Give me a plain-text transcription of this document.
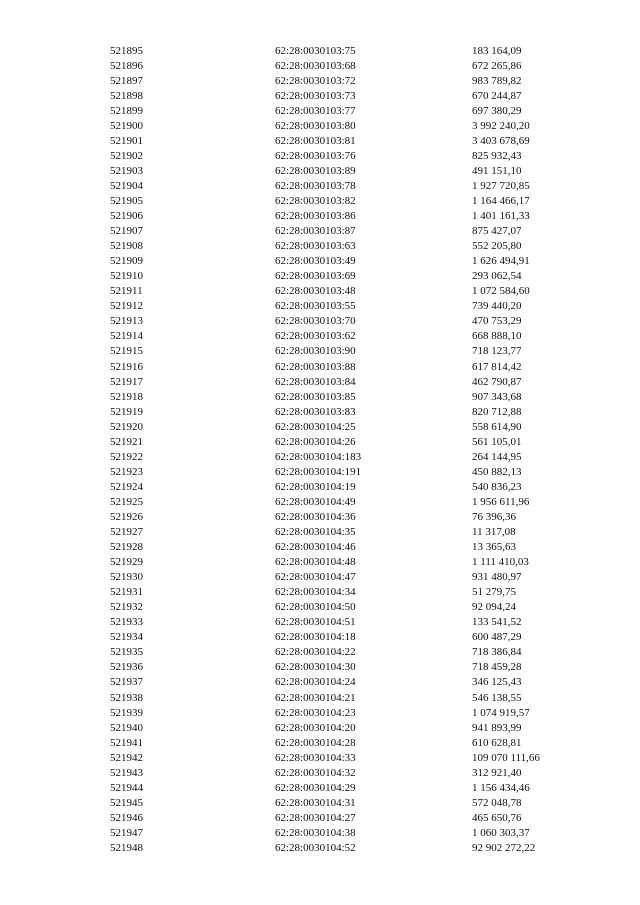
521895	62:28:0030103:75	183 164,09
521896	62:28:0030103:68	672 265,86
521897	62:28:0030103:72	983 789,82
521898	62:28:0030103:73	670 244,87
521899	62:28:0030103:77	697 380,29
521900	62:28:0030103:80	3 992 240,20
521901	62:28:0030103:81	3 403 678,69
521902	62:28:0030103:76	825 932,43
521903	62:28:0030103:89	491 151,10
521904	62:28:0030103:78	1 927 720,85
521905	62:28:0030103:82	1 164 466,17
521906	62:28:0030103:86	1 401 161,33
521907	62:28:0030103:87	875 427,07
521908	62:28:0030103:63	552 205,80
521909	62:28:0030103:49	1 626 494,91
521910	62:28:0030103:69	293 062,54
521911	62:28:0030103:48	1 072 584,60
521912	62:28:0030103:55	739 440,20
521913	62:28:0030103:70	470 753,29
521914	62:28:0030103:62	668 888,10
521915	62:28:0030103:90	718 123,77
521916	62:28:0030103:88	617 814,42
521917	62:28:0030103:84	462 790,87
521918	62:28:0030103:85	907 343,68
521919	62:28:0030103:83	820 712,88
521920	62:28:0030104:25	558 614,90
521921	62:28:0030104:26	561 105,01
521922	62:28:0030104:183	264 144,95
521923	62:28:0030104:191	450 882,13
521924	62:28:0030104:19	540 836,23
521925	62:28:0030104:49	1 956 611,96
521926	62:28:0030104:36	76 396,36
521927	62:28:0030104:35	11 317,08
521928	62:28:0030104:46	13 365,63
521929	62:28:0030104:48	1 111 410,03
521930	62:28:0030104:47	931 480,97
521931	62:28:0030104:34	51 279,75
521932	62:28:0030104:50	92 094,24
521933	62:28:0030104:51	133 541,52
521934	62:28:0030104:18	600 487,29
521935	62:28:0030104:22	718 386,84
521936	62:28:0030104:30	718 459,28
521937	62:28:0030104:24	346 125,43
521938	62:28:0030104:21	546 138,55
521939	62:28:0030104:23	1 074 919,57
521940	62:28:0030104:20	941 893,99
521941	62:28:0030104:28	610 628,81
521942	62:28:0030104:33	109 070 111,66
521943	62:28:0030104:32	312 921,40
521944	62:28:0030104:29	1 156 434,46
521945	62:28:0030104:31	572 048,78
521946	62:28:0030104:27	465 650,76
521947	62:28:0030104:38	1 060 303,37
521948	62:28:0030104:52	92 902 272,22
